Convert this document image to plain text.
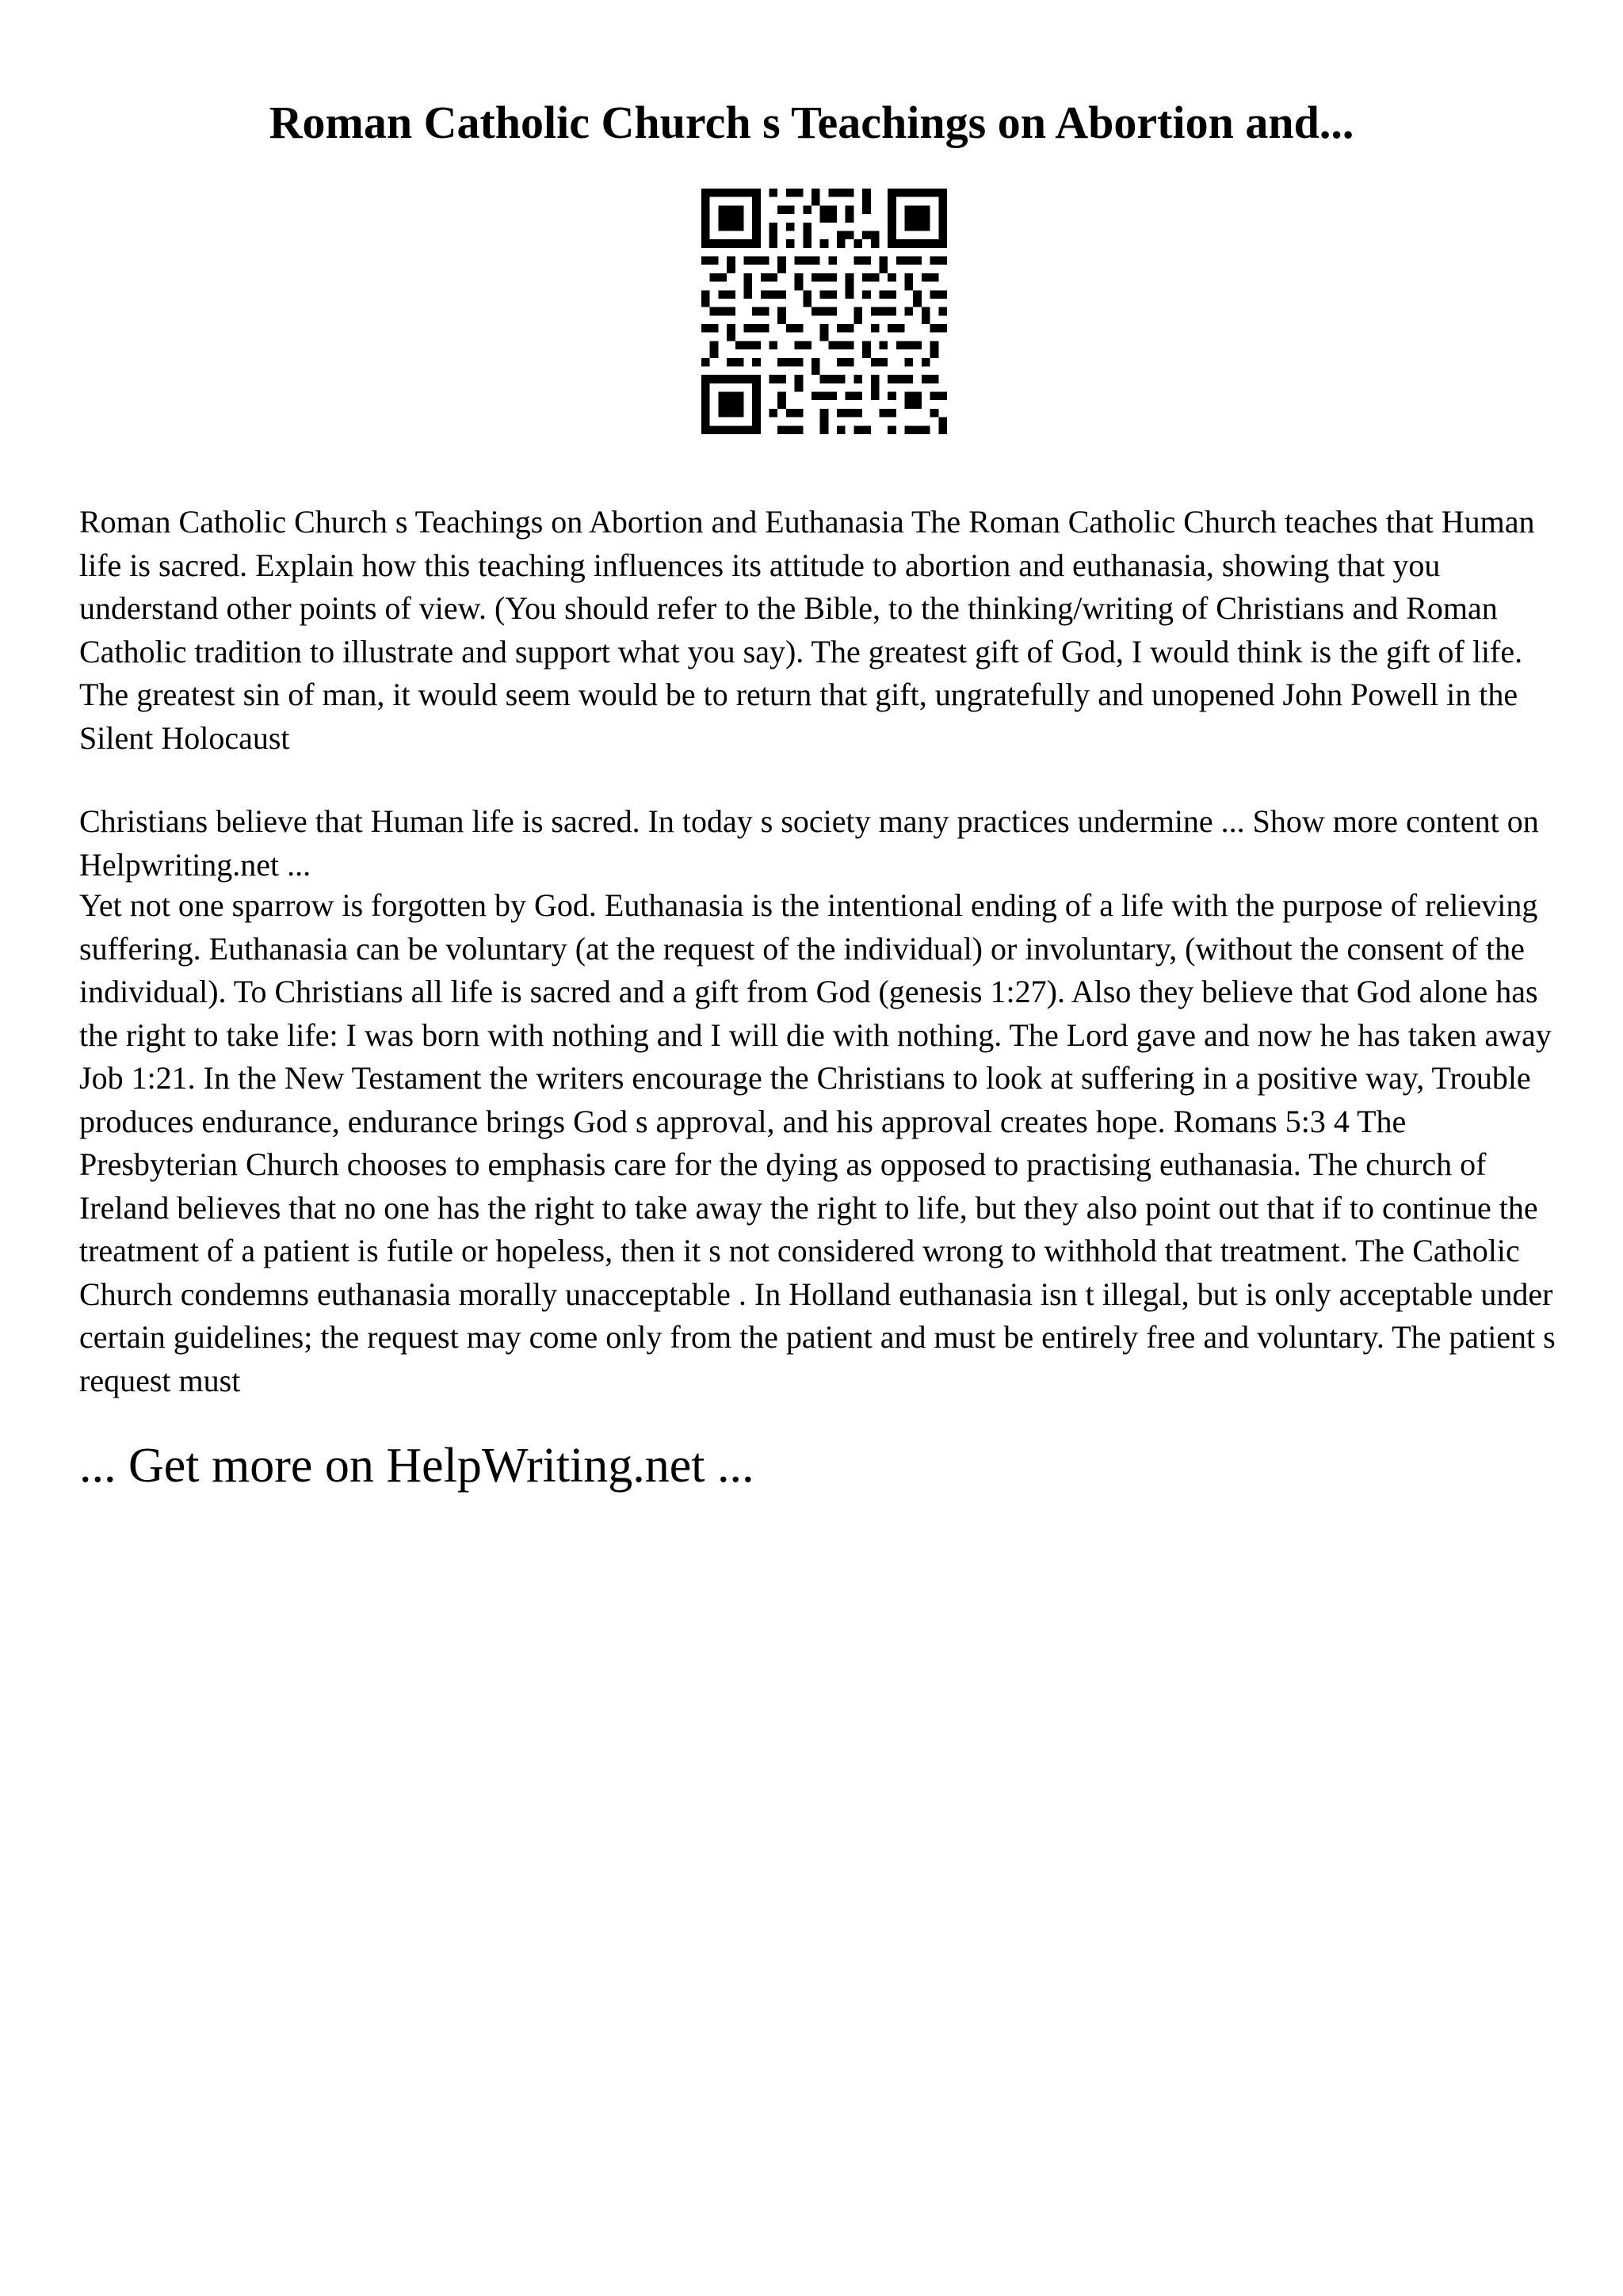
Roman Catholic Church s Teachings on Abortion and...

Roman Catholic Church s Teachings on Abortion and Euthanasia The Roman Catholic Church teaches that Human life is sacred. Explain how this teaching influences its attitude to abortion and euthanasia, showing that you understand other points of view. (You should refer to the Bible, to the thinking/writing of Christians and Roman Catholic tradition to illustrate and support what you say). The greatest gift of God, I would think is the gift of life. The greatest sin of man, it would seem would be to return that gift, ungratefully and unopened John Powell in the Silent Holocaust

Christians believe that Human life is sacred. In today s society many practices undermine ... Show more content on Helpwriting.net ...

Yet not one sparrow is forgotten by God. Euthanasia is the intentional ending of a life with the purpose of relieving suffering. Euthanasia can be voluntary (at the request of the individual) or involuntary, (without the consent of the individual). To Christians all life is sacred and a gift from God (genesis 1:27). Also they believe that God alone has the right to take life: I was born with nothing and I will die with nothing. The Lord gave and now he has taken away Job 1:21. In the New Testament the writers encourage the Christians to look at suffering in a positive way, Trouble produces endurance, endurance brings God s approval, and his approval creates hope. Romans 5:3 4 The Presbyterian Church chooses to emphasis care for the dying as opposed to practising euthanasia. The church of Ireland believes that no one has the right to take away the right to life, but they also point out that if to continue the treatment of a patient is futile or hopeless, then it s not considered wrong to withhold that treatment. The Catholic Church condemns euthanasia morally unacceptable . In Holland euthanasia isn t illegal, but is only acceptable under certain guidelines; the request may come only from the patient and must be entirely free and voluntary. The patient s request must

... Get more on HelpWriting.net ...
